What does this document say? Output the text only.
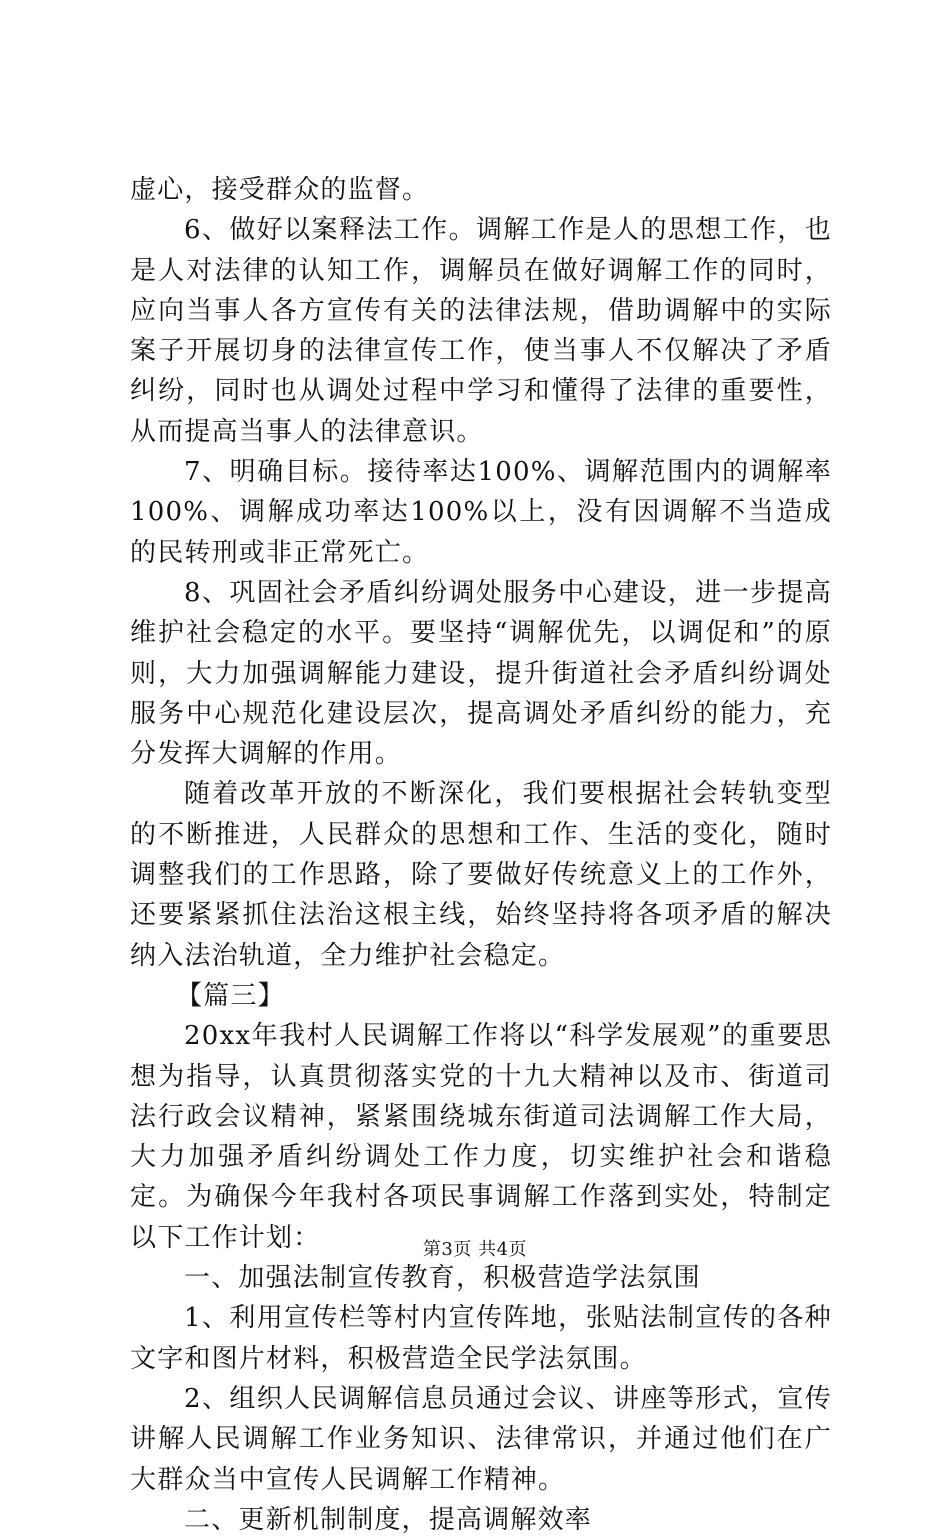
虚心，接受群众的监督。

6、做好以案释法工作。调解工作是人的思想工作，也是人对法律的认知工作，调解员在做好调解工作的同时，应向当事人各方宣传有关的法律法规，借助调解中的实际案子开展切身的法律宣传工作，使当事人不仅解决了矛盾纠纷，同时也从调处过程中学习和懂得了法律的重要性，从而提高当事人的法律意识。

7、明确目标。接待率达100%、调解范围内的调解率100%、调解成功率达100%以上，没有因调解不当造成的民转刑或非正常死亡。

8、巩固社会矛盾纠纷调处服务中心建设，进一步提高维护社会稳定的水平。要坚持“调解优先，以调促和”的原则，大力加强调解能力建设，提升街道社会矛盾纠纷调处服务中心规范化建设层次，提高调处矛盾纠纷的能力，充分发挥大调解的作用。

随着改革开放的不断深化，我们要根据社会转轨变型的不断推进，人民群众的思想和工作、生活的变化，随时调整我们的工作思路，除了要做好传统意义上的工作外，还要紧紧抓住法治这根主线，始终坚持将各项矛盾的解决纳入法治轨道，全力维护社会稳定。

【篇三】

20xx年我村人民调解工作将以“科学发展观”的重要思想为指导，认真贯彻落实党的十九大精神以及市、街道司法行政会议精神，紧紧围绕城东街道司法调解工作大局，大力加强矛盾纠纷调处工作力度，切实维护社会和谐稳定。为确保今年我村各项民事调解工作落到实处，特制定以下工作计划：

一、加强法制宣传教育，积极营造学法氛围

1、利用宣传栏等村内宣传阵地，张贴法制宣传的各种文字和图片材料，积极营造全民学法氛围。

2、组织人民调解信息员通过会议、讲座等形式，宣传讲解人民调解工作业务知识、法律常识，并通过他们在广大群众当中宣传人民调解工作精神。

二、更新机制制度，提高调解效率

第3页 共4页
